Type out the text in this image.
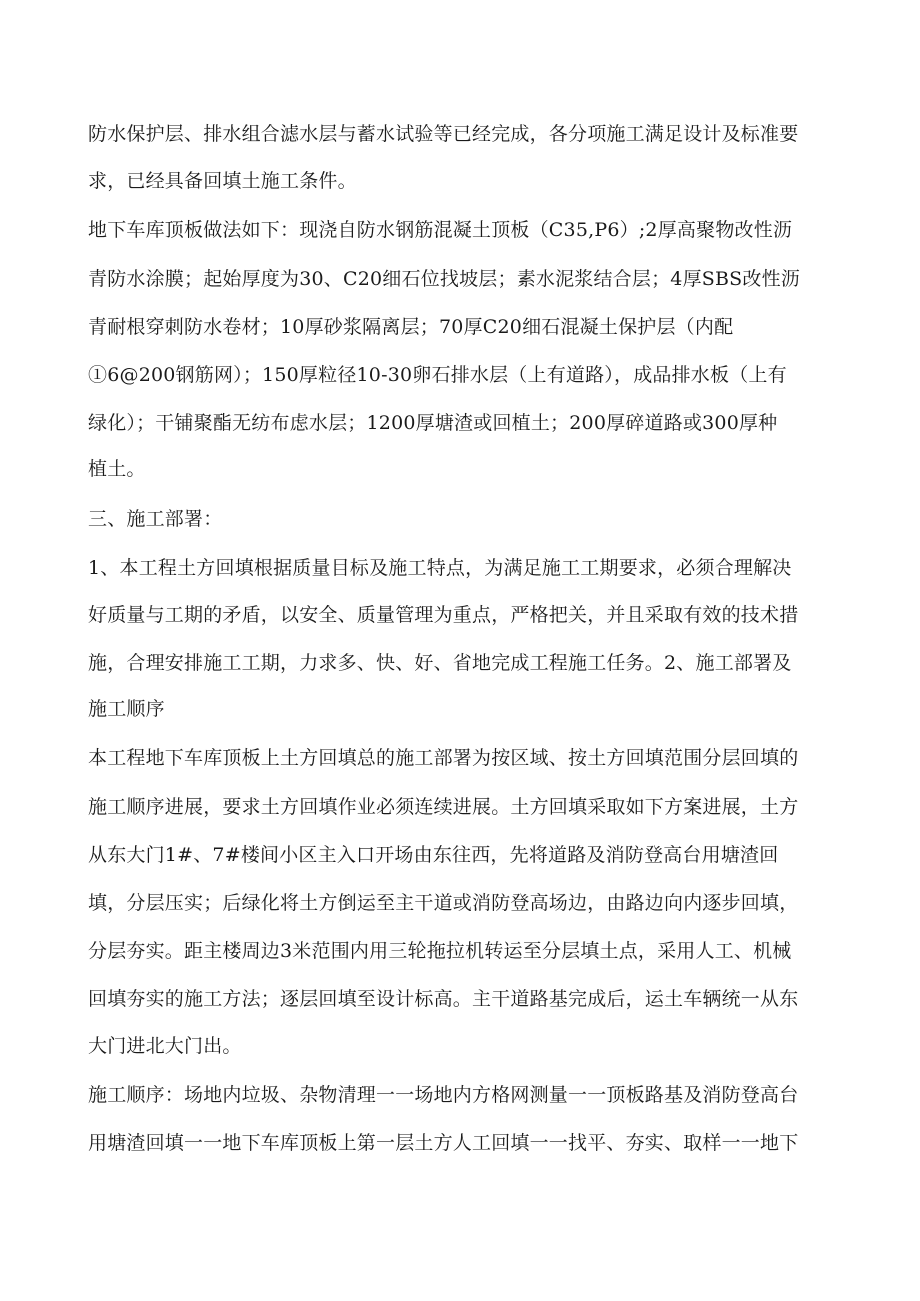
防水保护层、排水组合滤水层与蓄水试验等已经完成，各分项施工满足设计及标准要

求，已经具备回填土施工条件。

地下车库顶板做法如下：现浇自防水钢筋混凝土顶板（C35,P6）;2厚高聚物改性沥

青防水涂膜；起始厚度为30、C20细石位找坡层；素水泥浆结合层；4厚SBS改性沥

青耐根穿刺防水卷材；10厚砂浆隔离层；70厚C20细石混凝土保护层（内配

①6@200钢筋网）；150厚粒径10-30卵石排水层（上有道路），成品排水板（上有

绿化）；干铺聚酯无纺布虑水层；1200厚塘渣或回植土；200厚碎道路或300厚种

植土。

三、施工部署：

1、本工程土方回填根据质量目标及施工特点，为满足施工工期要求，必须合理解决

好质量与工期的矛盾，以安全、质量管理为重点，严格把关，并且采取有效的技术措

施，合理安排施工工期，力求多、快、好、省地完成工程施工任务。2、施工部署及

施工顺序

本工程地下车库顶板上土方回填总的施工部署为按区域、按土方回填范围分层回填的

施工顺序进展，要求土方回填作业必须连续进展。土方回填采取如下方案进展，土方

从东大门1#、7#楼间小区主入口开场由东往西，先将道路及消防登高台用塘渣回

填，分层压实；后绿化将土方倒运至主干道或消防登高场边，由路边向内逐步回填，

分层夯实。距主楼周边3米范围内用三轮拖拉机转运至分层填土点，采用人工、机械

回填夯实的施工方法；逐层回填至设计标高。主干道路基完成后，运土车辆统一从东

大门进北大门出。

施工顺序：场地内垃圾、杂物清理一一场地内方格网测量一一顶板路基及消防登高台

用塘渣回填一一地下车库顶板上第一层土方人工回填一一找平、夯实、取样一一地下
